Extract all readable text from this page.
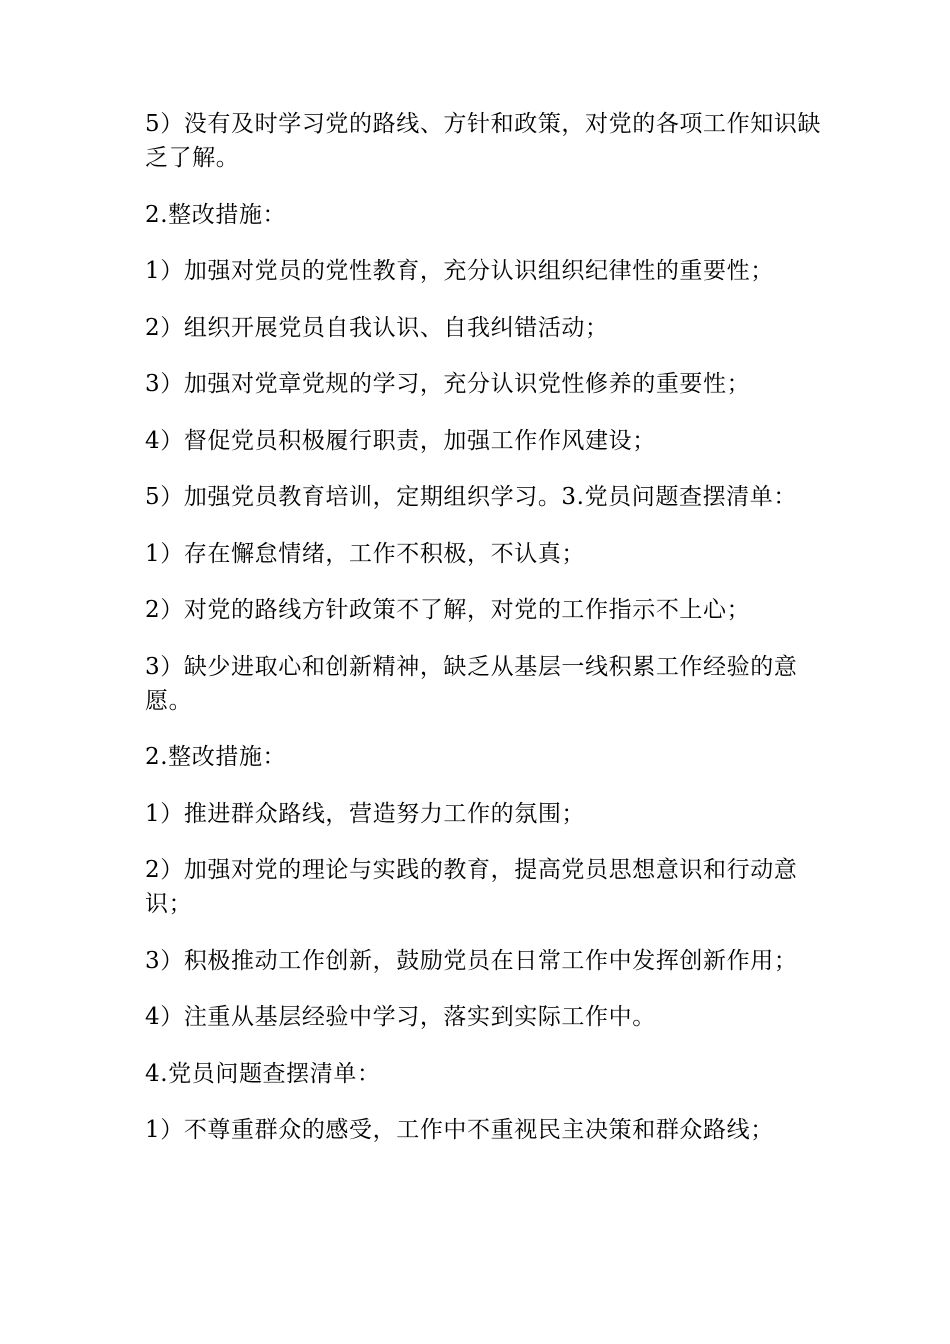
5）没有及时学习党的路线、方针和政策，对党的各项工作知识缺乏了解。

2.整改措施：

1）加强对党员的党性教育，充分认识组织纪律性的重要性；

2）组织开展党员自我认识、自我纠错活动；

3）加强对党章党规的学习，充分认识党性修养的重要性；

4）督促党员积极履行职责，加强工作作风建设；

5）加强党员教育培训，定期组织学习。3.党员问题查摆清单：

1）存在懈怠情绪，工作不积极，不认真；

2）对党的路线方针政策不了解，对党的工作指示不上心；

3）缺少进取心和创新精神，缺乏从基层一线积累工作经验的意愿。

2.整改措施：

1）推进群众路线，营造努力工作的氛围；

2）加强对党的理论与实践的教育，提高党员思想意识和行动意识；

3）积极推动工作创新，鼓励党员在日常工作中发挥创新作用；

4）注重从基层经验中学习，落实到实际工作中。

4.党员问题查摆清单：

1）不尊重群众的感受，工作中不重视民主决策和群众路线；
